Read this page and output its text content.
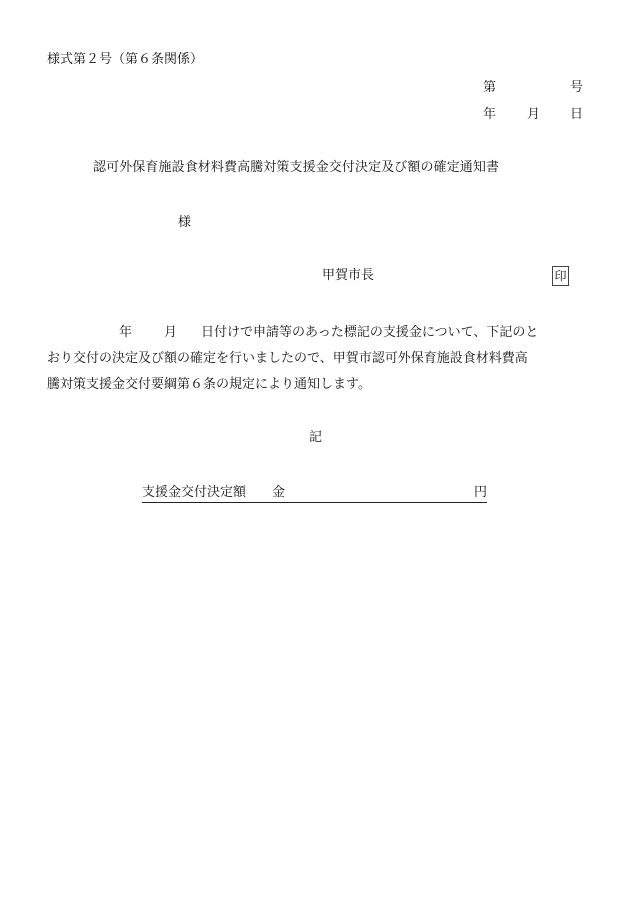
様式第２号（第６条関係）
第	号
年 月 日
認可外保育施設食材料費高騰対策支援金交付決定及び額の確定通知書
様
甲賀市長	印
年 月 日付けで申請等のあった標記の支援金について、下記のと
おり交付の決定及び額の確定を行いましたので、甲賀市認可外保育施設食材料費高
騰対策支援金交付要綱第６条の規定により通知します。
記
支援金交付決定額 金	円
